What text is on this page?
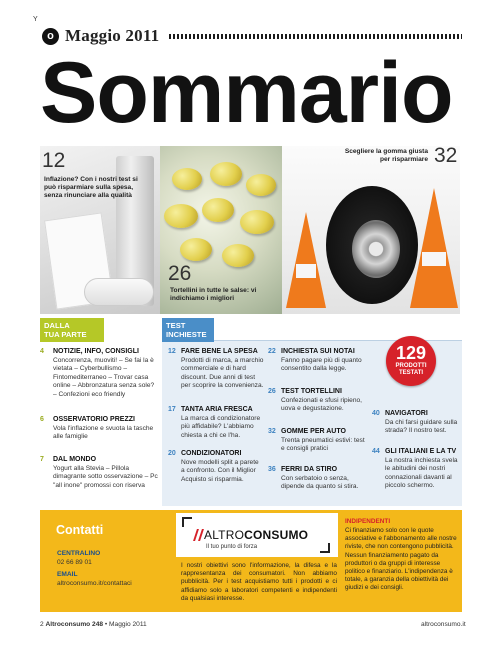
Y
o Maggio 2011
Sommario
12
Inflazione? Con i nostri test si può risparmiare sulla spesa, senza rinunciare alla qualità
26
Tortellini in tutte le salse: vi indichiamo i migliori
Scegliere la gomma giusta per risparmiare 32
DALLA
TUA PARTE
4	NOTIZIE, INFO, CONSIGLI
Concorrenza, muoviti! – Se fai la è vietata – Cyberbullismo – Fintomediterraneo – Trovar casa online – Abbronzatura senza sole? – Confezioni eco friendly
6	OSSERVATORIO PREZZI
Vola l'inflazione e svuota la tasche alle famiglie
7	DAL MONDO
Yogurt alla Stevia – Pillola dimagrante sotto osservazione – Pc "all inone" promossi con riserva
TEST
INCHIESTE
12 FARE BENE LA SPESA
Prodotti di marca, a marchio commerciale e di hard discount. Due anni di test per scoprire la convenienza.
17 TANTA ARIA FRESCA
La marca di condizionatore più affidabile? L'abbiamo chiesta a chi ce l'ha.
20 CONDIZIONATORI
Nove modelli split a parete a confronto. Con il Miglior Acquisto si risparmia.
22 INCHIESTA SUI NOTAI
Fanno pagare più di quanto consentito dalla legge.
26 TEST TORTELLINI
Confezionati e sfusi ripieno, uova e degustazione.
32 GOMME PER AUTO
Trenta pneumatici estivi: test e consigli pratici
36 FERRI DA STIRO
Con serbatoio o senza, dipende da quanto si stira.
40 NAVIGATORI
Da chi farsi guidare sulla strada? Il nostro test.
44 GLI ITALIANI E LA TV
La nostra inchiesta svela le abitudini dei nostri connazionali davanti al piccolo schermo.
129
PRODOTTI
TESTATI
Contatti
CENTRALINO
02 66 89 01
EMAIL
altroconsumo.it/contattaci
ALTROCONSUMO
Il tuo punto di forza
I nostri obiettivi sono l'informazione, la difesa e la rappresentanza dei consumatori. Non abbiamo pubblicità. Per i test acquistiamo tutti i prodotti e ci affidiamo solo a laboratori competenti e indipendenti da qualsiasi interesse.
INDIPENDENTI
Ci finanziamo solo con le quote associative e l'abbonamento alle nostre riviste, che non contengono pubblicità. Nessun finanziamento pagato da produttori o da gruppi di interesse politico e finanziario. L'indipendenza è totale, a garanzia della obiettività dei giudizi e dei consigli.
2 Altroconsumo 248 • Maggio 2011	altroconsumo.it
